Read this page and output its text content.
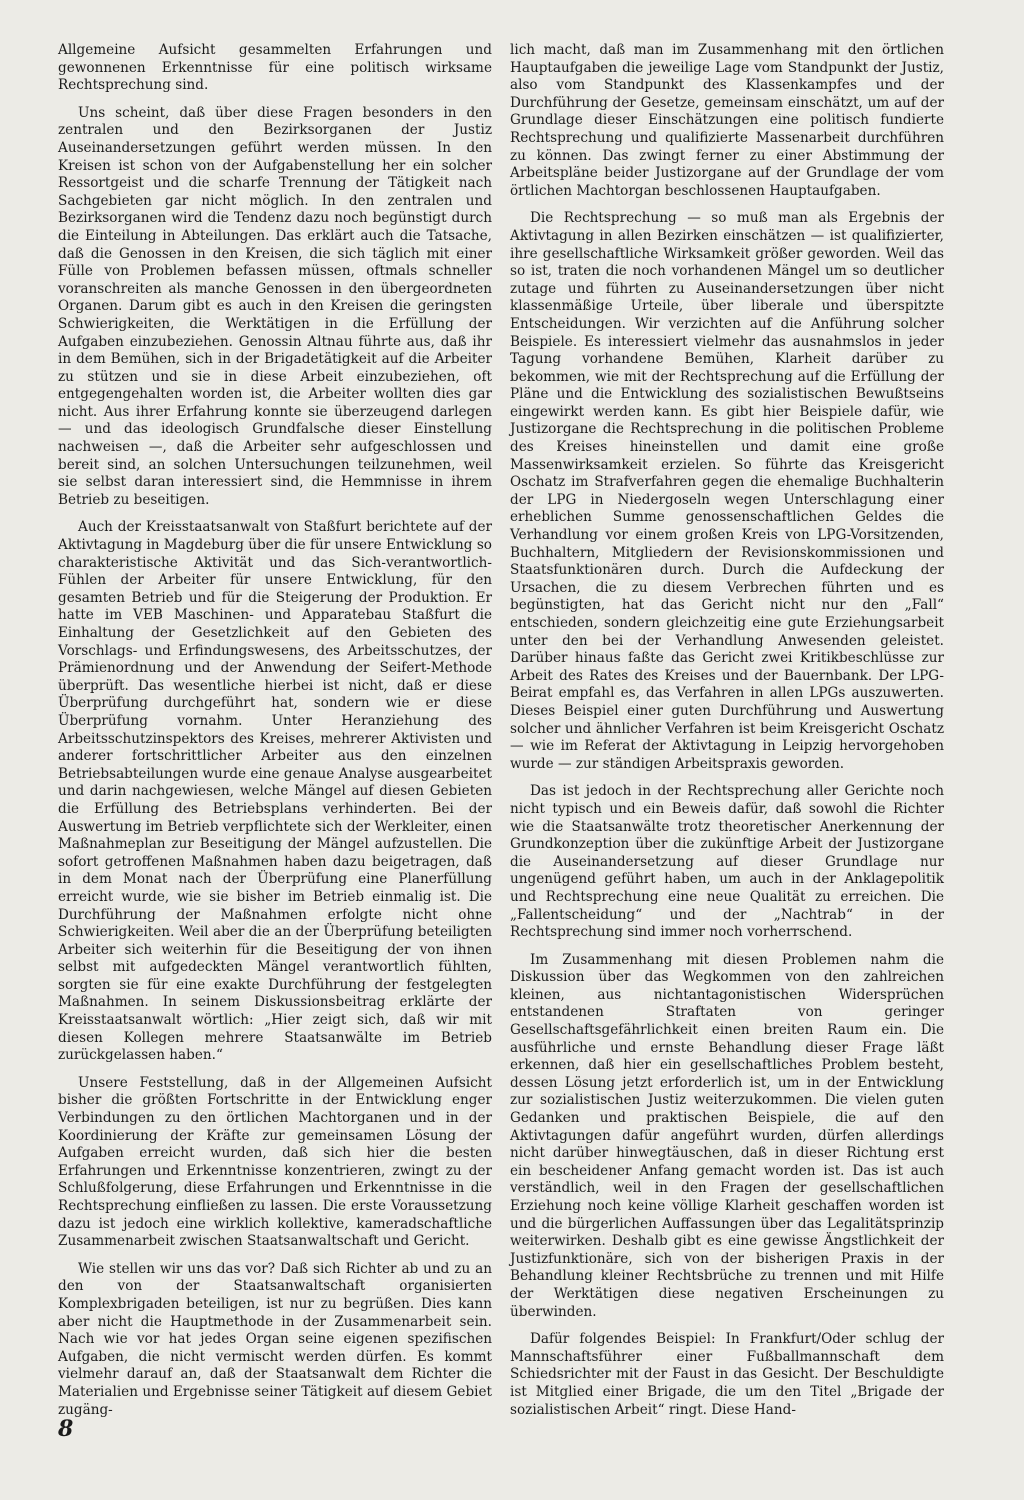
Allgemeine Aufsicht gesammelten Erfahrungen und gewonnenen Erkenntnisse für eine politisch wirksame Rechtsprechung sind.

Uns scheint, daß über diese Fragen besonders in den zentralen und den Bezirksorganen der Justiz Auseinandersetzungen geführt werden müssen. In den Kreisen ist schon von der Aufgabenstellung her ein solcher Ressortgeist und die scharfe Trennung der Tätigkeit nach Sachgebieten gar nicht möglich. In den zentralen und Bezirksorganen wird die Tendenz dazu noch begünstigt durch die Einteilung in Abteilungen. Das erklärt auch die Tatsache, daß die Genossen in den Kreisen, die sich täglich mit einer Fülle von Problemen befassen müssen, oftmals schneller voranschreiten als manche Genossen in den übergeordneten Organen. Darum gibt es auch in den Kreisen die geringsten Schwierigkeiten, die Werktätigen in die Erfüllung der Aufgaben einzubeziehen. Genossin Altnau führte aus, daß ihr in dem Bemühen, sich in der Brigadetätigkeit auf die Arbeiter zu stützen und sie in diese Arbeit einzubeziehen, oft entgegengehalten worden ist, die Arbeiter wollten dies gar nicht. Aus ihrer Erfahrung konnte sie überzeugend darlegen — und das ideologisch Grundfalsche dieser Einstellung nachweisen —, daß die Arbeiter sehr aufgeschlossen und bereit sind, an solchen Untersuchungen teilzunehmen, weil sie selbst daran interessiert sind, die Hemmnisse in ihrem Betrieb zu beseitigen.

Auch der Kreisstaatsanwalt von Staßfurt berichtete auf der Aktivtagung in Magdeburg über die für unsere Entwicklung so charakteristische Aktivität und das Sich-verantwortlich-Fühlen der Arbeiter für unsere Entwicklung, für den gesamten Betrieb und für die Steigerung der Produktion. Er hatte im VEB Maschinen- und Apparatebau Staßfurt die Einhaltung der Gesetzlichkeit auf den Gebieten des Vorschlags- und Erfindungswesens, des Arbeitsschutzes, der Prämienordnung und der Anwendung der Seifert-Methode überprüft. Das wesentliche hierbei ist nicht, daß er diese Überprüfung durchgeführt hat, sondern wie er diese Überprüfung vornahm. Unter Heranziehung des Arbeitsschutzinspektors des Kreises, mehrerer Aktivisten und anderer fortschrittlicher Arbeiter aus den einzelnen Betriebsabteilungen wurde eine genaue Analyse ausgearbeitet und darin nachgewiesen, welche Mängel auf diesen Gebieten die Erfüllung des Betriebsplans verhinderten. Bei der Auswertung im Betrieb verpflichtete sich der Werkleiter, einen Maßnahmeplan zur Beseitigung der Mängel aufzustellen. Die sofort getroffenen Maßnahmen haben dazu beigetragen, daß in dem Monat nach der Überprüfung eine Planerfüllung erreicht wurde, wie sie bisher im Betrieb einmalig ist. Die Durchführung der Maßnahmen erfolgte nicht ohne Schwierigkeiten. Weil aber die an der Überprüfung beteiligten Arbeiter sich weiterhin für die Beseitigung der von ihnen selbst mit aufgedeckten Mängel verantwortlich fühlten, sorgten sie für eine exakte Durchführung der festgelegten Maßnahmen. In seinem Diskussionsbeitrag erklärte der Kreisstaatsanwalt wörtlich: „Hier zeigt sich, daß wir mit diesen Kollegen mehrere Staatsanwälte im Betrieb zurückgelassen haben.“

Unsere Feststellung, daß in der Allgemeinen Aufsicht bisher die größten Fortschritte in der Entwicklung enger Verbindungen zu den örtlichen Machtorganen und in der Koordinierung der Kräfte zur gemeinsamen Lösung der Aufgaben erreicht wurden, daß sich hier die besten Erfahrungen und Erkenntnisse konzentrieren, zwingt zu der Schlußfolgerung, diese Erfahrungen und Erkenntnisse in die Rechtsprechung einfließen zu lassen. Die erste Voraussetzung dazu ist jedoch eine wirklich kollektive, kameradschaftliche Zusammenarbeit zwischen Staatsanwaltschaft und Gericht.

Wie stellen wir uns das vor? Daß sich Richter ab und zu an den von der Staatsanwaltschaft organisierten Komplexbrigaden beteiligen, ist nur zu begrüßen. Dies kann aber nicht die Hauptmethode in der Zusammenarbeit sein. Nach wie vor hat jedes Organ seine eigenen spezifischen Aufgaben, die nicht vermischt werden dürfen. Es kommt vielmehr darauf an, daß der Staatsanwalt dem Richter die Materialien und Ergebnisse seiner Tätigkeit auf diesem Gebiet zugäng-

lich macht, daß man im Zusammenhang mit den örtlichen Hauptaufgaben die jeweilige Lage vom Standpunkt der Justiz, also vom Standpunkt des Klassenkampfes und der Durchführung der Gesetze, gemeinsam einschätzt, um auf der Grundlage dieser Einschätzungen eine politisch fundierte Rechtsprechung und qualifizierte Massenarbeit durchführen zu können. Das zwingt ferner zu einer Abstimmung der Arbeitspläne beider Justizorgane auf der Grundlage der vom örtlichen Machtorgan beschlossenen Hauptaufgaben.

Die Rechtsprechung — so muß man als Ergebnis der Aktivtagung in allen Bezirken einschätzen — ist qualifizierter, ihre gesellschaftliche Wirksamkeit größer geworden. Weil das so ist, traten die noch vorhandenen Mängel um so deutlicher zutage und führten zu Auseinandersetzungen über nicht klassenmäßige Urteile, über liberale und überspitzte Entscheidungen. Wir verzichten auf die Anführung solcher Beispiele. Es interessiert vielmehr das ausnahmslos in jeder Tagung vorhandene Bemühen, Klarheit darüber zu bekommen, wie mit der Rechtsprechung auf die Erfüllung der Pläne und die Entwicklung des sozialistischen Bewußtseins eingewirkt werden kann. Es gibt hier Beispiele dafür, wie Justizorgane die Rechtsprechung in die politischen Probleme des Kreises hineinstellen und damit eine große Massenwirksamkeit erzielen. So führte das Kreisgericht Oschatz im Strafverfahren gegen die ehemalige Buchhalterin der LPG in Niedergoseln wegen Unterschlagung einer erheblichen Summe genossenschaftlichen Geldes die Verhandlung vor einem großen Kreis von LPG-Vorsitzenden, Buchhaltern, Mitgliedern der Revisionskommissionen und Staatsfunktionären durch. Durch die Aufdeckung der Ursachen, die zu diesem Verbrechen führten und es begünstigten, hat das Gericht nicht nur den „Fall“ entschieden, sondern gleichzeitig eine gute Erziehungsarbeit unter den bei der Verhandlung Anwesenden geleistet. Darüber hinaus faßte das Gericht zwei Kritikbeschlüsse zur Arbeit des Rates des Kreises und der Bauernbank. Der LPG-Beirat empfahl es, das Verfahren in allen LPGs auszuwerten. Dieses Beispiel einer guten Durchführung und Auswertung solcher und ähnlicher Verfahren ist beim Kreisgericht Oschatz — wie im Referat der Aktivtagung in Leipzig hervorgehoben wurde — zur ständigen Arbeitspraxis geworden.

Das ist jedoch in der Rechtsprechung aller Gerichte noch nicht typisch und ein Beweis dafür, daß sowohl die Richter wie die Staatsanwälte trotz theoretischer Anerkennung der Grundkonzeption über die zukünftige Arbeit der Justizorgane die Auseinandersetzung auf dieser Grundlage nur ungenügend geführt haben, um auch in der Anklagepolitik und Rechtsprechung eine neue Qualität zu erreichen. Die „Fallentscheidung“ und der „Nachtrab“ in der Rechtsprechung sind immer noch vorherrschend.

Im Zusammenhang mit diesen Problemen nahm die Diskussion über das Wegkommen von den zahlreichen kleinen, aus nichtantagonistischen Widersprüchen entstandenen Straftaten von geringer Gesellschaftsgefährlichkeit einen breiten Raum ein. Die ausführliche und ernste Behandlung dieser Frage läßt erkennen, daß hier ein gesellschaftliches Problem besteht, dessen Lösung jetzt erforderlich ist, um in der Entwicklung zur sozialistischen Justiz weiterzukommen. Die vielen guten Gedanken und praktischen Beispiele, die auf den Aktivtagungen dafür angeführt wurden, dürfen allerdings nicht darüber hinwegtäuschen, daß in dieser Richtung erst ein bescheidener Anfang gemacht worden ist. Das ist auch verständlich, weil in den Fragen der gesellschaftlichen Erziehung noch keine völlige Klarheit geschaffen worden ist und die bürgerlichen Auffassungen über das Legalitätsprinzip weiterwirken. Deshalb gibt es eine gewisse Ängstlichkeit der Justizfunktionäre, sich von der bisherigen Praxis in der Behandlung kleiner Rechtsbrüche zu trennen und mit Hilfe der Werktätigen diese negativen Erscheinungen zu überwinden.

Dafür folgendes Beispiel: In Frankfurt/Oder schlug der Mannschaftsführer einer Fußballmannschaft dem Schiedsrichter mit der Faust in das Gesicht. Der Beschuldigte ist Mitglied einer Brigade, die um den Titel „Brigade der sozialistischen Arbeit“ ringt. Diese Hand-

8
